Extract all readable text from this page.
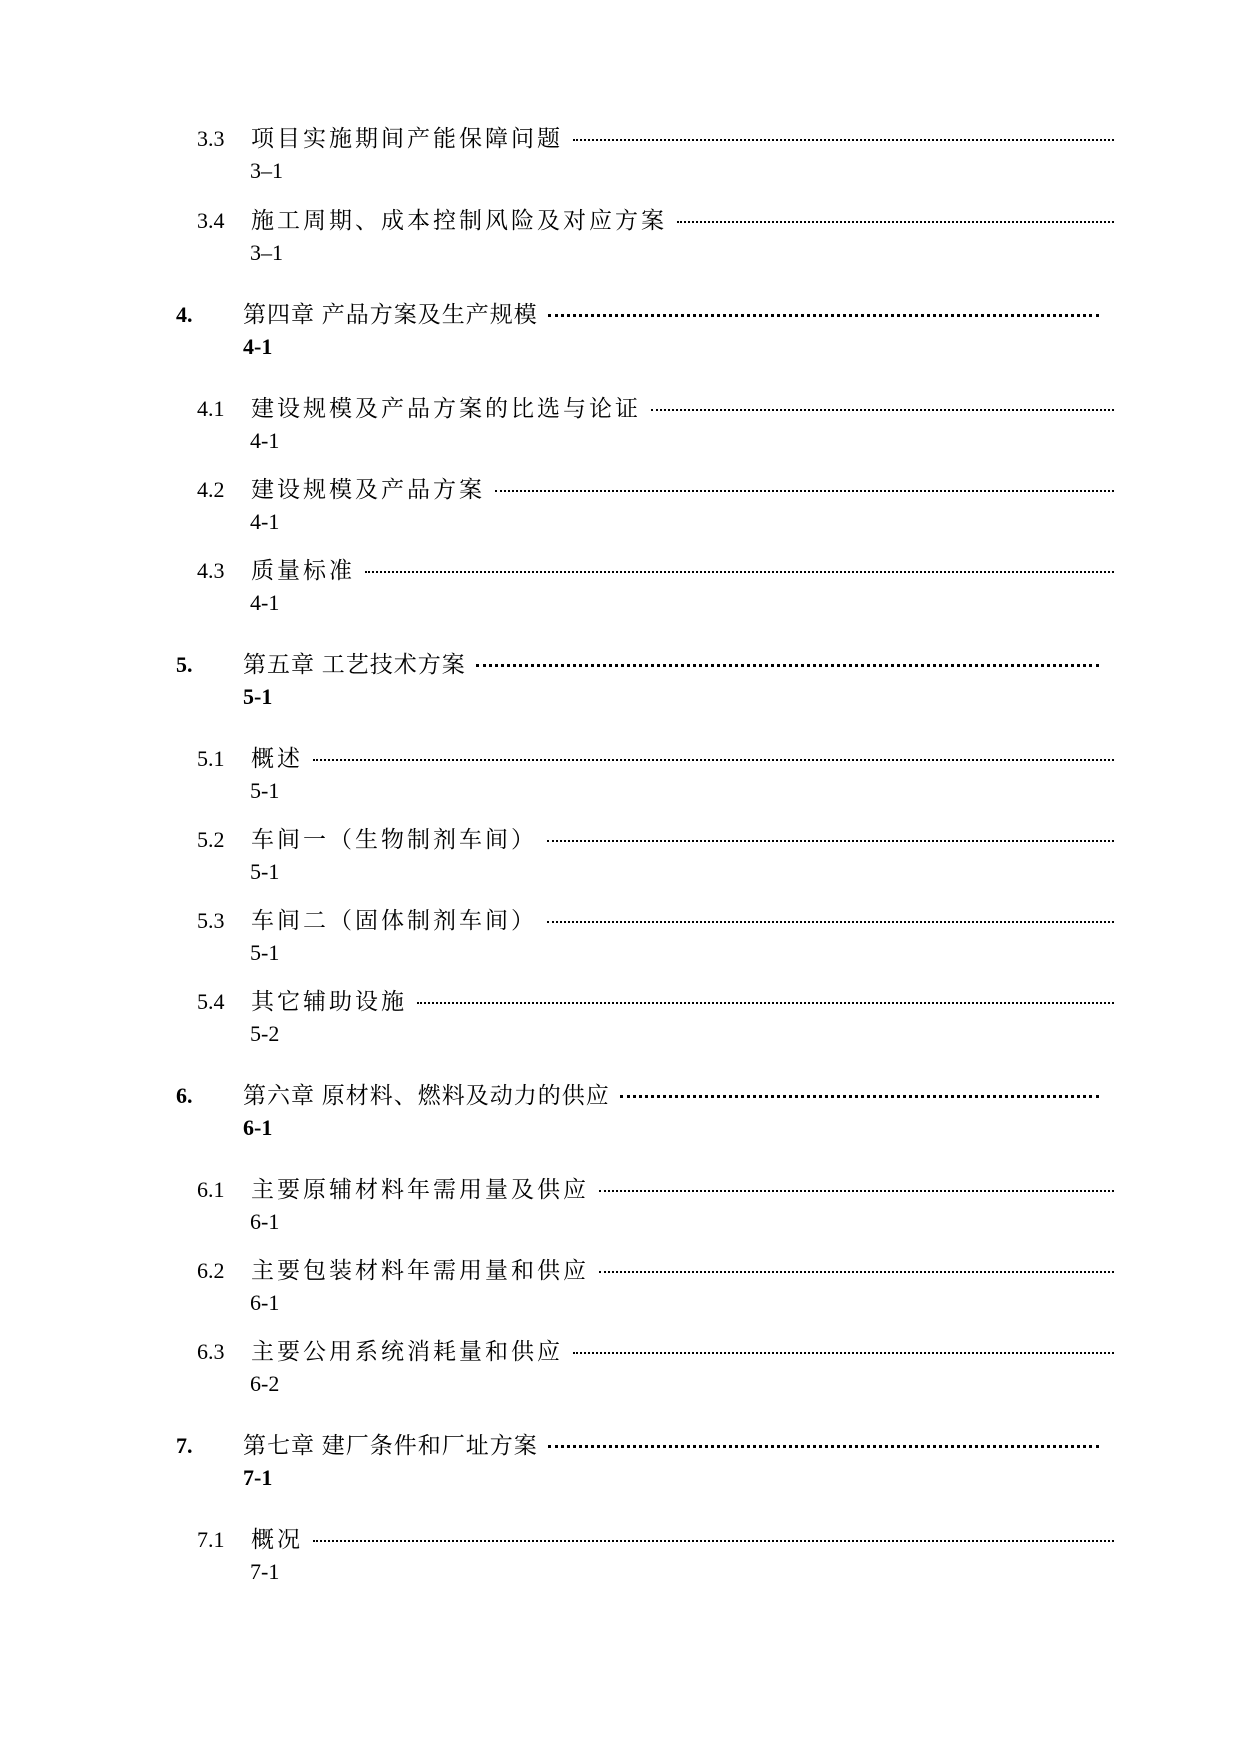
3.3 项目实施期间产能保障问题
3–1
3.4 施工周期、成本控制风险及对应方案
3–1
4. 第四章 产品方案及生产规模
4-1
4.1 建设规模及产品方案的比选与论证
4-1
4.2 建设规模及产品方案
4-1
4.3 质量标准
4-1
5. 第五章 工艺技术方案
5-1
5.1 概述
5-1
5.2 车间一（生物制剂车间）
5-1
5.3 车间二（固体制剂车间）
5-1
5.4 其它辅助设施
5-2
6. 第六章 原材料、燃料及动力的供应
6-1
6.1 主要原辅材料年需用量及供应
6-1
6.2 主要包装材料年需用量和供应
6-1
6.3 主要公用系统消耗量和供应
6-2
7. 第七章 建厂条件和厂址方案
7-1
7.1 概况
7-1
